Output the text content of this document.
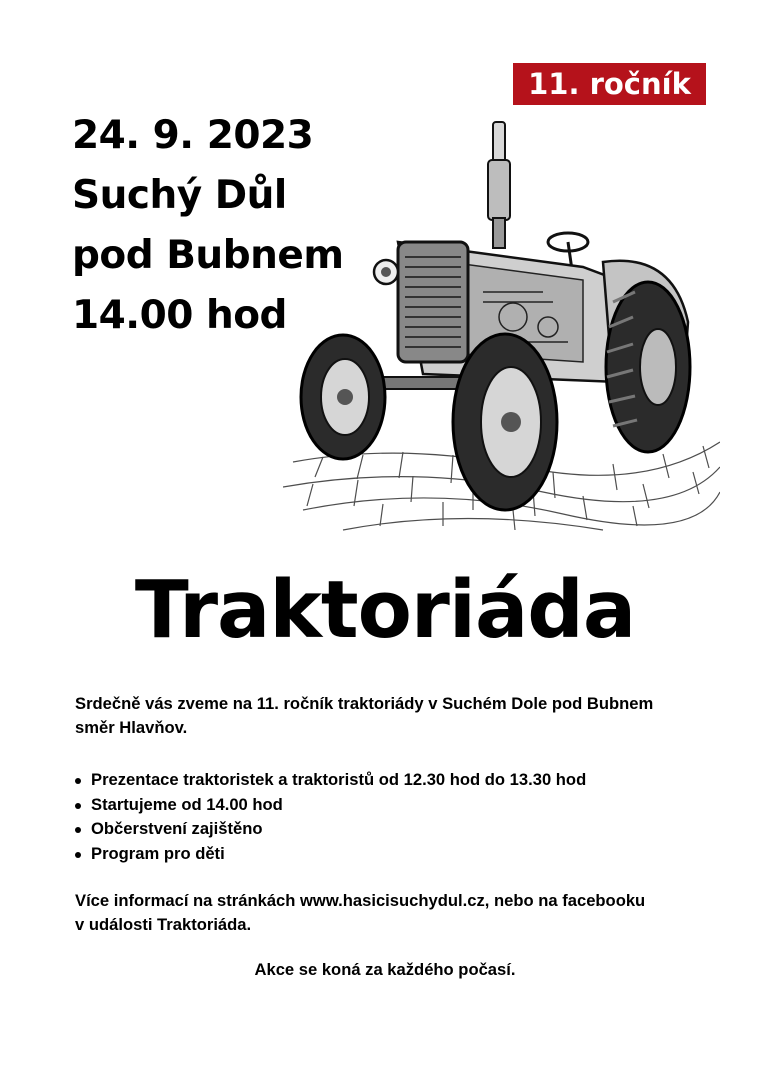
11. ročník
24. 9. 2023
Suchý Důl
pod Bubnem
14.00 hod
Traktoriáda
Srdečně vás zveme na 11. ročník traktoriády v Suchém Dole pod Bubnem
směr Hlavňov.
Prezentace traktoristek a traktoristů od 12.30 hod do 13.30 hod
Startujeme od 14.00 hod
Občerstvení zajištěno
Program pro děti
Více informací na stránkách www.hasicisuchydul.cz, nebo na facebooku
v události Traktoriáda.
Akce se koná za každého počasí.
